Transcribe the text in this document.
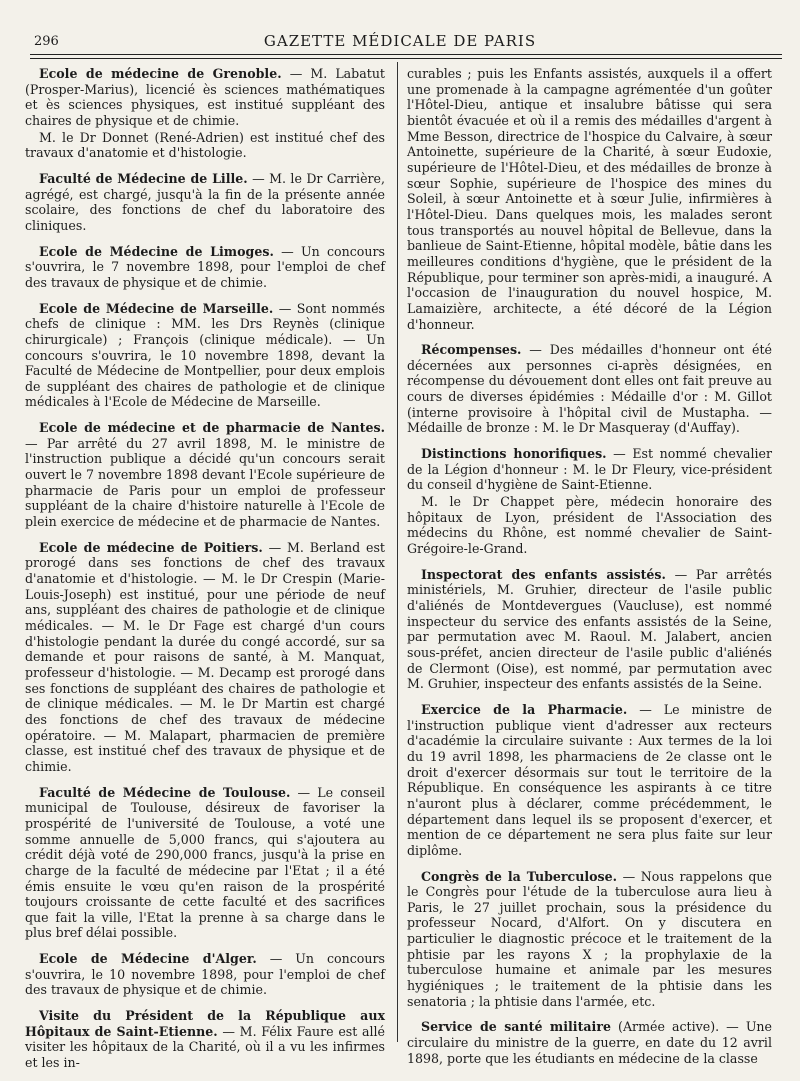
296	GAZETTE MÉDICALE DE PARIS

Ecole de médecine de Grenoble. — M. Labatut (Prosper-Marius), licencié ès sciences mathématiques et ès sciences physiques, est institué suppléant des chaires de physique et de chimie.

M. le Dr Donnet (René-Adrien) est institué chef des travaux d'anatomie et d'histologie.

Faculté de Médecine de Lille. — M. le Dr Carrière, agrégé, est chargé, jusqu'à la fin de la présente année scolaire, des fonctions de chef du laboratoire des cliniques.

Ecole de Médecine de Limoges. — Un concours s'ouvrira, le 7 novembre 1898, pour l'emploi de chef des travaux de physique et de chimie.

Ecole de Médecine de Marseille. — Sont nommés chefs de clinique : MM. les Drs Reynès (clinique chirurgicale) ; François (clinique médicale). — Un concours s'ouvrira, le 10 novembre 1898, devant la Faculté de Médecine de Montpellier, pour deux emplois de suppléant des chaires de pathologie et de clinique médicales à l'Ecole de Médecine de Marseille.

Ecole de médecine et de pharmacie de Nantes. — Par arrêté du 27 avril 1898, M. le ministre de l'instruction publique a décidé qu'un concours serait ouvert le 7 novembre 1898 devant l'Ecole supérieure de pharmacie de Paris pour un emploi de professeur suppléant de la chaire d'histoire naturelle à l'Ecole de plein exercice de médecine et de pharmacie de Nantes.

Ecole de médecine de Poitiers. — M. Berland est prorogé dans ses fonctions de chef des travaux d'anatomie et d'histologie. — M. le Dr Crespin (Marie-Louis-Joseph) est institué, pour une période de neuf ans, suppléant des chaires de pathologie et de clinique médicales. — M. le Dr Fage est chargé d'un cours d'histologie pendant la durée du congé accordé, sur sa demande et pour raisons de santé, à M. Manquat, professeur d'histologie. — M. Decamp est prorogé dans ses fonctions de suppléant des chaires de pathologie et de clinique médicales. — M. le Dr Martin est chargé des fonctions de chef des travaux de médecine opératoire. — M. Malapart, pharmacien de première classe, est institué chef des travaux de physique et de chimie.

Faculté de Médecine de Toulouse. — Le conseil municipal de Toulouse, désireux de favoriser la prospérité de l'université de Toulouse, a voté une somme annuelle de 5,000 francs, qui s'ajoutera au crédit déjà voté de 290,000 francs, jusqu'à la prise en charge de la faculté de médecine par l'Etat ; il a été émis ensuite le vœu qu'en raison de la prospérité toujours croissante de cette faculté et des sacrifices que fait la ville, l'Etat la prenne à sa charge dans le plus bref délai possible.

Ecole de Médecine d'Alger. — Un concours s'ouvrira, le 10 novembre 1898, pour l'emploi de chef des travaux de physique et de chimie.

Visite du Président de la République aux Hôpitaux de Saint-Etienne. — M. Félix Faure est allé visiter les hôpitaux de la Charité, où il a vu les infirmes et les in-

curables ; puis les Enfants assistés, auxquels il a offert une promenade à la campagne agrémentée d'un goûter l'Hôtel-Dieu, antique et insalubre bâtisse qui sera bientôt évacuée et où il a remis des médailles d'argent à Mme Besson, directrice de l'hospice du Calvaire, à sœur Antoinette, supérieure de la Charité, à sœur Eudoxie, supérieure de l'Hôtel-Dieu, et des médailles de bronze à sœur Sophie, supérieure de l'hospice des mines du Soleil, à sœur Antoinette et à sœur Julie, infirmières à l'Hôtel-Dieu. Dans quelques mois, les malades seront tous transportés au nouvel hôpital de Bellevue, dans la banlieue de Saint-Etienne, hôpital modèle, bâtie dans les meilleures conditions d'hygiène, que le président de la République, pour terminer son après-midi, a inauguré. A l'occasion de l'inauguration du nouvel hospice, M. Lamaizière, architecte, a été décoré de la Légion d'honneur.

Récompenses. — Des médailles d'honneur ont été décernées aux personnes ci-après désignées, en récompense du dévouement dont elles ont fait preuve au cours de diverses épidémies : Médaille d'or : M. Gillot (interne provisoire à l'hôpital civil de Mustapha. — Médaille de bronze : M. le Dr Masqueray (d'Auffay).

Distinctions honorifiques. — Est nommé chevalier de la Légion d'honneur : M. le Dr Fleury, vice-président du conseil d'hygiène de Saint-Etienne.

M. le Dr Chappet père, médecin honoraire des hôpitaux de Lyon, président de l'Association des médecins du Rhône, est nommé chevalier de Saint-Grégoire-le-Grand.

Inspectorat des enfants assistés. — Par arrêtés ministériels, M. Gruhier, directeur de l'asile public d'aliénés de Montdevergues (Vaucluse), est nommé inspecteur du service des enfants assistés de la Seine, par permutation avec M. Raoul. M. Jalabert, ancien sous-préfet, ancien directeur de l'asile public d'aliénés de Clermont (Oise), est nommé, par permutation avec M. Gruhier, inspecteur des enfants assistés de la Seine.

Exercice de la Pharmacie. — Le ministre de l'instruction publique vient d'adresser aux recteurs d'académie la circulaire suivante : Aux termes de la loi du 19 avril 1898, les pharmaciens de 2e classe ont le droit d'exercer désormais sur tout le territoire de la République. En conséquence les aspirants à ce titre n'auront plus à déclarer, comme précédemment, le département dans lequel ils se proposent d'exercer, et mention de ce département ne sera plus faite sur leur diplôme.

Congrès de la Tuberculose. — Nous rappelons que le Congrès pour l'étude de la tuberculose aura lieu à Paris, le 27 juillet prochain, sous la présidence du professeur Nocard, d'Alfort. On y discutera en particulier le diagnostic précoce et le traitement de la phtisie par les rayons X ; la prophylaxie de la tuberculose humaine et animale par les mesures hygiéniques ; le traitement de la phtisie dans les senatoria ; la phtisie dans l'armée, etc.

Service de santé militaire (Armée active). — Une circulaire du ministre de la guerre, en date du 12 avril 1898, porte que les étudiants en médecine de la classe
